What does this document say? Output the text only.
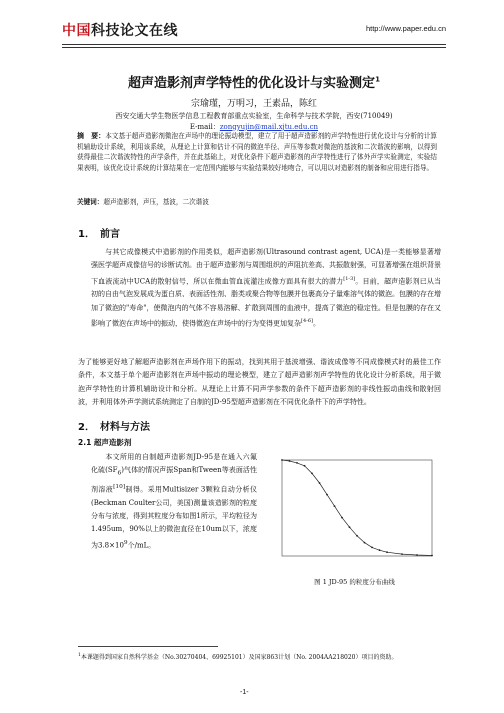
中国科技论文在线	http://www.paper.edu.cn
超声造影剂声学特性的优化设计与实验测定$^1$
宗瑜瑾，万明习，王素品，陈红
西安交通大学生物医学信息工程教育部重点实验室，生命科学与技术学院，西安(710049)
E-mail：zongyujin@mail.xjtu.edu.cn
摘　要：本文基于超声造影剂微泡在声场中的理论振动模型，建立了用于超声造影剂的声学特性进行优化设计与分析的计算机辅助设计系统，利用该系统，从理论上计算和估计不同的微泡半径、声压等参数对微泡的基波和二次谐波的影响，以得到获得最佳二次谐波特性的声学条件，并在此基础上，对优化条件下超声造影剂的声学特性进行了体外声学实验测定，实验结果表明，该优化设计系统的计算结果在一定范围内能够与实验结果较好地吻合，可以用以对造影剂的制备和应用进行指导。
关键词：超声造影剂，声压，基波，二次谐波
1．　前言
  与其它成像模式中造影剂的作用类似，超声造影剂(Ultrasound contrast agent, UCA)是一类能够显著增强医学超声成像信号的诊断试剂。由于超声造影剂与周围组织的声阻抗差高、共振散射强，可显著增强在组织背景下血液流动中UCA的散射信号，所以在微血管血流灌注成像方面具有很大的潜力[1-3]。目前，超声造影剂已从当初的自由气泡发展成为蛋白质、表面活性剂、脂类或聚合物等包膜并包裹高分子量难溶气体的微泡。包膜的存在增加了微泡的"寿命"，使微泡内的气体不容易溶解、扩散到周围的血液中，提高了微泡的稳定性。但是包膜的存在又影响了微泡在声场中的振动，使得微泡在声场中的行为变得更加复杂[4-6]。
为了能够更好地了解超声造影剂在声场作用下的振动，找到其用于基波增强、谐波成像等不同成像模式时的最佳工作条件，本文基于单个超声造影剂在声场中振动的理论模型，建立了超声造影剂声学特性的优化设计分析系统，用于微泡声学特性的计算机辅助设计和分析。从理论上计算不同声学参数的条件下超声造影剂的非线性振动曲线和散射回波，并利用体外声学测试系统测定了自制的JD-95型超声造影剂在不同优化条件下的声学特性。
2．　材料与方法
2.1 超声造影剂
  本文所用的自制超声造影剂JD-95是在通入六氟化硫$(SF_6)$气体的情况声振Span和Tween等表面活性剂溶液[10]制得。采用Multisizer 3颗粒自动分析仪(Beckman Coulter公司，美国)测量该造影剂的粒度分布与浓度，得到其粒度分布如图1所示，平均粒径为1.495um，90%以上的微泡直径在10um以下，浓度为$3.8\times 10^9$个/mL。
图 1 JD-95 的粒度分布曲线
$^1$本课题得到国家自然科学基金（No.30270404、69925101）及国家863计划（No. 2004AA218020）项目的资助。
-1-
